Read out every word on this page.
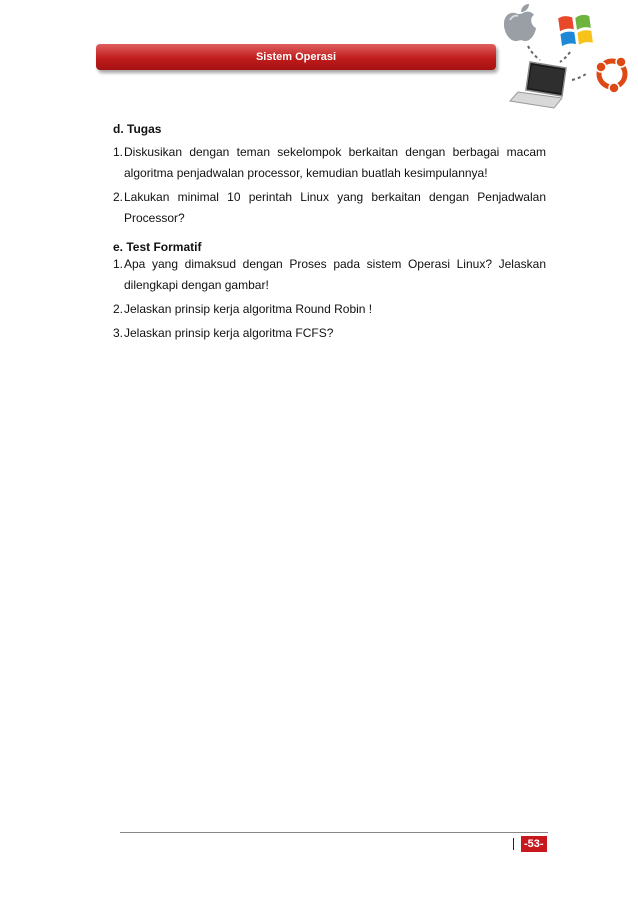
Sistem Operasi
d. Tugas
1. Diskusikan dengan teman sekelompok berkaitan dengan berbagai macam algoritma penjadwalan processor, kemudian buatlah kesimpulannya!
2. Lakukan minimal 10 perintah Linux yang berkaitan dengan Penjadwalan Processor?
e. Test Formatif
1. Apa yang dimaksud dengan Proses pada sistem Operasi Linux? Jelaskan dilengkapi dengan gambar!
2. Jelaskan prinsip kerja algoritma Round Robin !
3. Jelaskan prinsip kerja algoritma FCFS?
-53-
